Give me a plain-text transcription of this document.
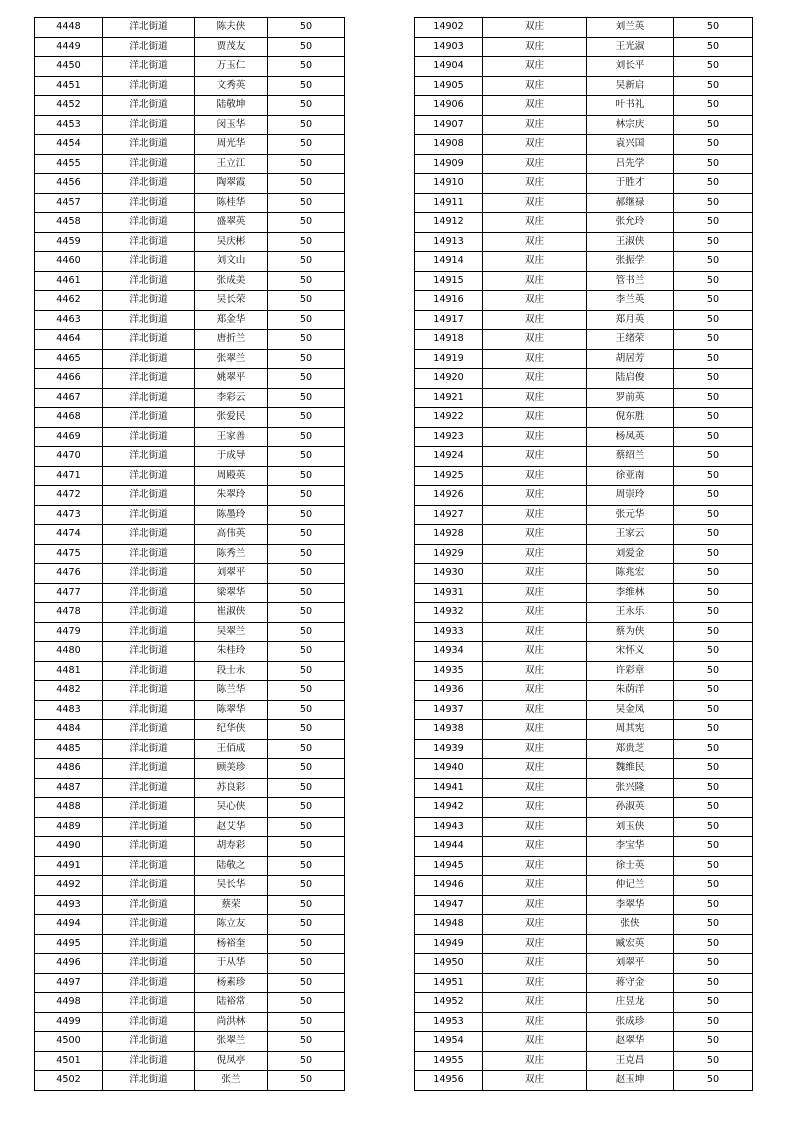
4448	洋北街道	陈夫侠	50
4449	洋北街道	贾茂友	50
4450	洋北街道	万玉仁	50
4451	洋北街道	文秀英	50
4452	洋北街道	陆敬坤	50
4453	洋北街道	闵玉华	50
4454	洋北街道	周光华	50
4455	洋北街道	王立江	50
4456	洋北街道	陶翠霞	50
4457	洋北街道	陈桂华	50
4458	洋北街道	盛翠英	50
4459	洋北街道	吴庆彬	50
4460	洋北街道	刘文山	50
4461	洋北街道	张成美	50
4462	洋北街道	吴长荣	50
4463	洋北街道	郑金华	50
4464	洋北街道	唐折兰	50
4465	洋北街道	张翠兰	50
4466	洋北街道	姚翠平	50
4467	洋北街道	李彩云	50
4468	洋北街道	张爱民	50
4469	洋北街道	王家善	50
4470	洋北街道	于成导	50
4471	洋北街道	周殿英	50
4472	洋北街道	朱翠玲	50
4473	洋北街道	陈墨玲	50
4474	洋北街道	高伟英	50
4475	洋北街道	陈秀兰	50
4476	洋北街道	刘翠平	50
4477	洋北街道	梁翠华	50
4478	洋北街道	崔淑侠	50
4479	洋北街道	吴翠兰	50
4480	洋北街道	朱桂玲	50
4481	洋北街道	段士永	50
4482	洋北街道	陈兰华	50
4483	洋北街道	陈翠华	50
4484	洋北街道	纪华侠	50
4485	洋北街道	王佰成	50
4486	洋北街道	顾美珍	50
4487	洋北街道	苏良彩	50
4488	洋北街道	吴心侠	50
4489	洋北街道	赵艾华	50
4490	洋北街道	胡寿彩	50
4491	洋北街道	陆敬之	50
4492	洋北街道	吴长华	50
4493	洋北街道	蔡荣	50
4494	洋北街道	陈立友	50
4495	洋北街道	杨裕奎	50
4496	洋北街道	于从华	50
4497	洋北街道	杨素珍	50
4498	洋北街道	陆裕常	50
4499	洋北街道	尚洪林	50
4500	洋北街道	张翠兰	50
4501	洋北街道	倪凤亭	50
4502	洋北街道	张兰	50
14902	双庄	刘兰英	50
14903	双庄	王光淑	50
14904	双庄	刘长平	50
14905	双庄	吴新启	50
14906	双庄	叶书礼	50
14907	双庄	林宗庆	50
14908	双庄	袁兴国	50
14909	双庄	吕先学	50
14910	双庄	于胜才	50
14911	双庄	郝继禄	50
14912	双庄	张允玲	50
14913	双庄	王淑侠	50
14914	双庄	张振学	50
14915	双庄	管书兰	50
14916	双庄	李兰英	50
14917	双庄	郑月英	50
14918	双庄	王绪荣	50
14919	双庄	胡居芳	50
14920	双庄	陆启俊	50
14921	双庄	罗前英	50
14922	双庄	倪东胜	50
14923	双庄	杨凤英	50
14924	双庄	蔡绍兰	50
14925	双庄	徐亚南	50
14926	双庄	周崇玲	50
14927	双庄	张元华	50
14928	双庄	王家云	50
14929	双庄	刘爱金	50
14930	双庄	陈兆宏	50
14931	双庄	李维林	50
14932	双庄	王永乐	50
14933	双庄	蔡为侠	50
14934	双庄	宋怀义	50
14935	双庄	许彩章	50
14936	双庄	朱荫洋	50
14937	双庄	吴金凤	50
14938	双庄	周其宪	50
14939	双庄	郑贵芝	50
14940	双庄	魏维民	50
14941	双庄	张兴隆	50
14942	双庄	孙淑英	50
14943	双庄	刘玉侠	50
14944	双庄	李宝华	50
14945	双庄	徐士英	50
14946	双庄	仲记兰	50
14947	双庄	李翠华	50
14948	双庄	张侠	50
14949	双庄	臧宏英	50
14950	双庄	刘翠平	50
14951	双庄	蒋守金	50
14952	双庄	庄昱龙	50
14953	双庄	张成珍	50
14954	双庄	赵翠华	50
14955	双庄	王克昌	50
14956	双庄	赵玉坤	50
